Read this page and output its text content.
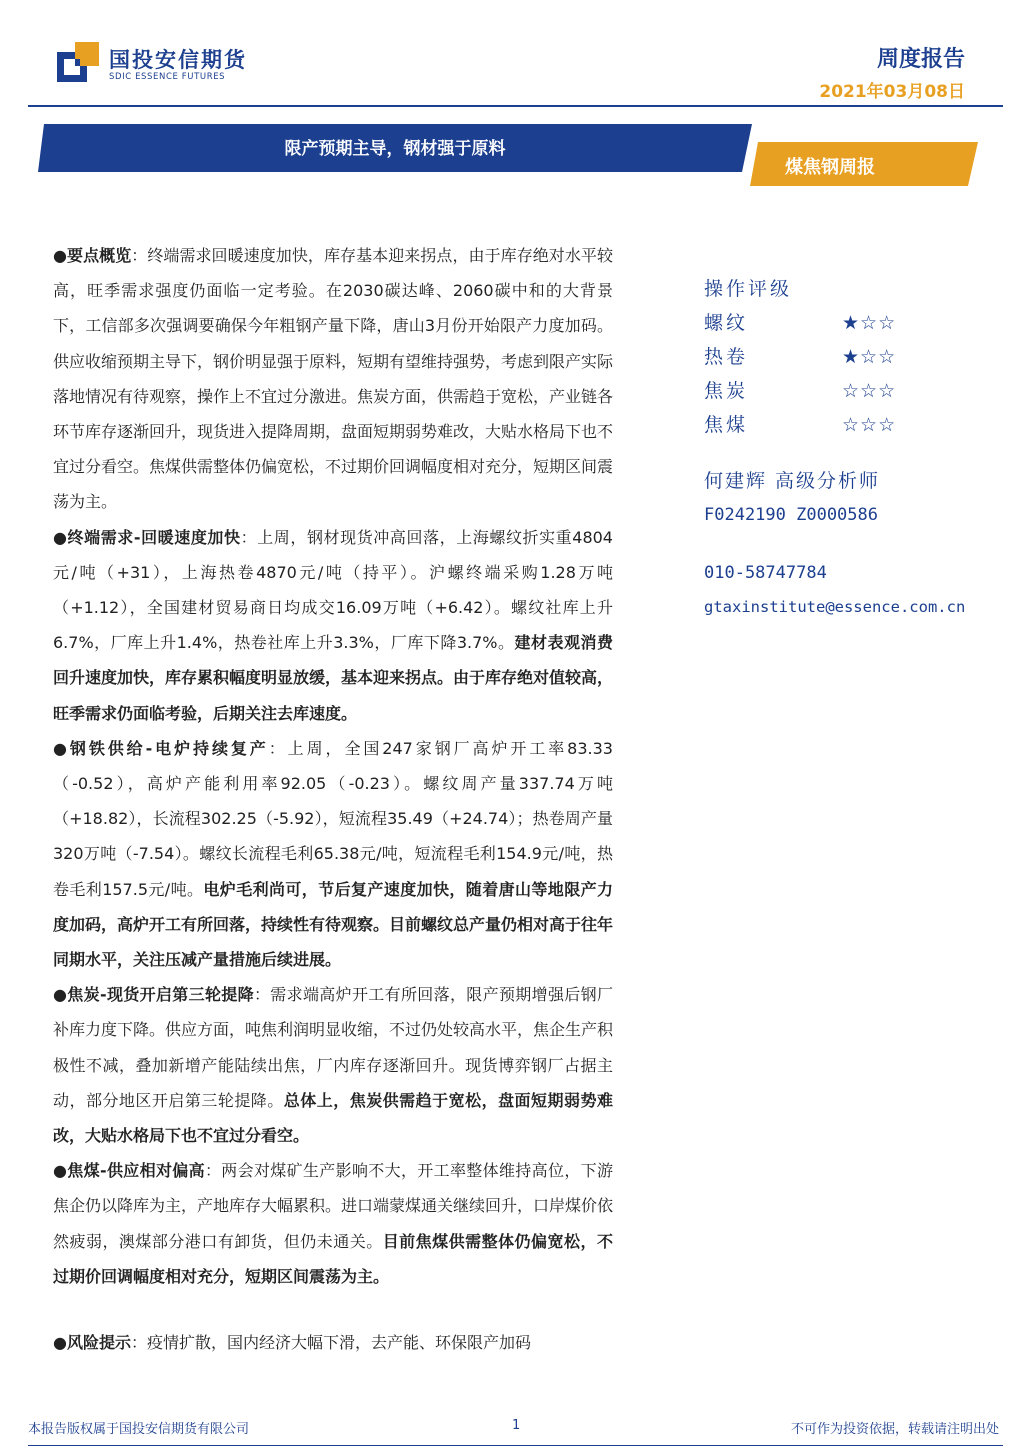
国投安信期货
SDIC ESSENCE FUTURES
周度报告
2021年03月08日
限产预期主导，钢材强于原料
煤焦钢周报

●要点概览：终端需求回暖速度加快，库存基本迎来拐点，由于库存绝对水平较高，旺季需求强度仍面临一定考验。在2030碳达峰、2060碳中和的大背景下，工信部多次强调要确保今年粗钢产量下降，唐山3月份开始限产力度加码。供应收缩预期主导下，钢价明显强于原料，短期有望维持强势，考虑到限产实际落地情况有待观察，操作上不宜过分激进。焦炭方面，供需趋于宽松，产业链各环节库存逐渐回升，现货进入提降周期，盘面短期弱势难改，大贴水格局下也不宜过分看空。焦煤供需整体仍偏宽松，不过期价回调幅度相对充分，短期区间震荡为主。

●终端需求-回暖速度加快：上周，钢材现货冲高回落，上海螺纹折实重4804元/吨（+31），上海热卷4870元/吨（持平）。沪螺终端采购1.28万吨（+1.12），全国建材贸易商日均成交16.09万吨（+6.42）。螺纹社库上升6.7%，厂库上升1.4%，热卷社库上升3.3%，厂库下降3.7%。建材表观消费回升速度加快，库存累积幅度明显放缓，基本迎来拐点。由于库存绝对值较高，旺季需求仍面临考验，后期关注去库速度。

●钢铁供给-电炉持续复产：上周，全国247家钢厂高炉开工率83.33（-0.52），高炉产能利用率92.05（-0.23）。螺纹周产量337.74万吨（+18.82），长流程302.25（-5.92），短流程35.49（+24.74）；热卷周产量320万吨（-7.54）。螺纹长流程毛利65.38元/吨，短流程毛利154.9元/吨，热卷毛利157.5元/吨。电炉毛利尚可，节后复产速度加快，随着唐山等地限产力度加码，高炉开工有所回落，持续性有待观察。目前螺纹总产量仍相对高于往年同期水平，关注压减产量措施后续进展。

●焦炭-现货开启第三轮提降：需求端高炉开工有所回落，限产预期增强后钢厂补库力度下降。供应方面，吨焦利润明显收缩，不过仍处较高水平，焦企生产积极性不减，叠加新增产能陆续出焦，厂内库存逐渐回升。现货博弈钢厂占据主动，部分地区开启第三轮提降。总体上，焦炭供需趋于宽松，盘面短期弱势难改，大贴水格局下也不宜过分看空。

●焦煤-供应相对偏高：两会对煤矿生产影响不大，开工率整体维持高位，下游焦企仍以降库为主，产地库存大幅累积。进口端蒙煤通关继续回升，口岸煤价依然疲弱，澳煤部分港口有卸货，但仍未通关。目前焦煤供需整体仍偏宽松，不过期价回调幅度相对充分，短期区间震荡为主。

●风险提示：疫情扩散，国内经济大幅下滑，去产能、环保限产加码
操作评级
螺纹	★☆☆
热卷	★☆☆
焦炭	☆☆☆
焦煤	☆☆☆
何建辉 高级分析师
F0242190 Z0000586
010-58747784
gtaxinstitute@essence.com.cn
本报告版权属于国投安信期货有限公司	1	不可作为投资依据，转载请注明出处
